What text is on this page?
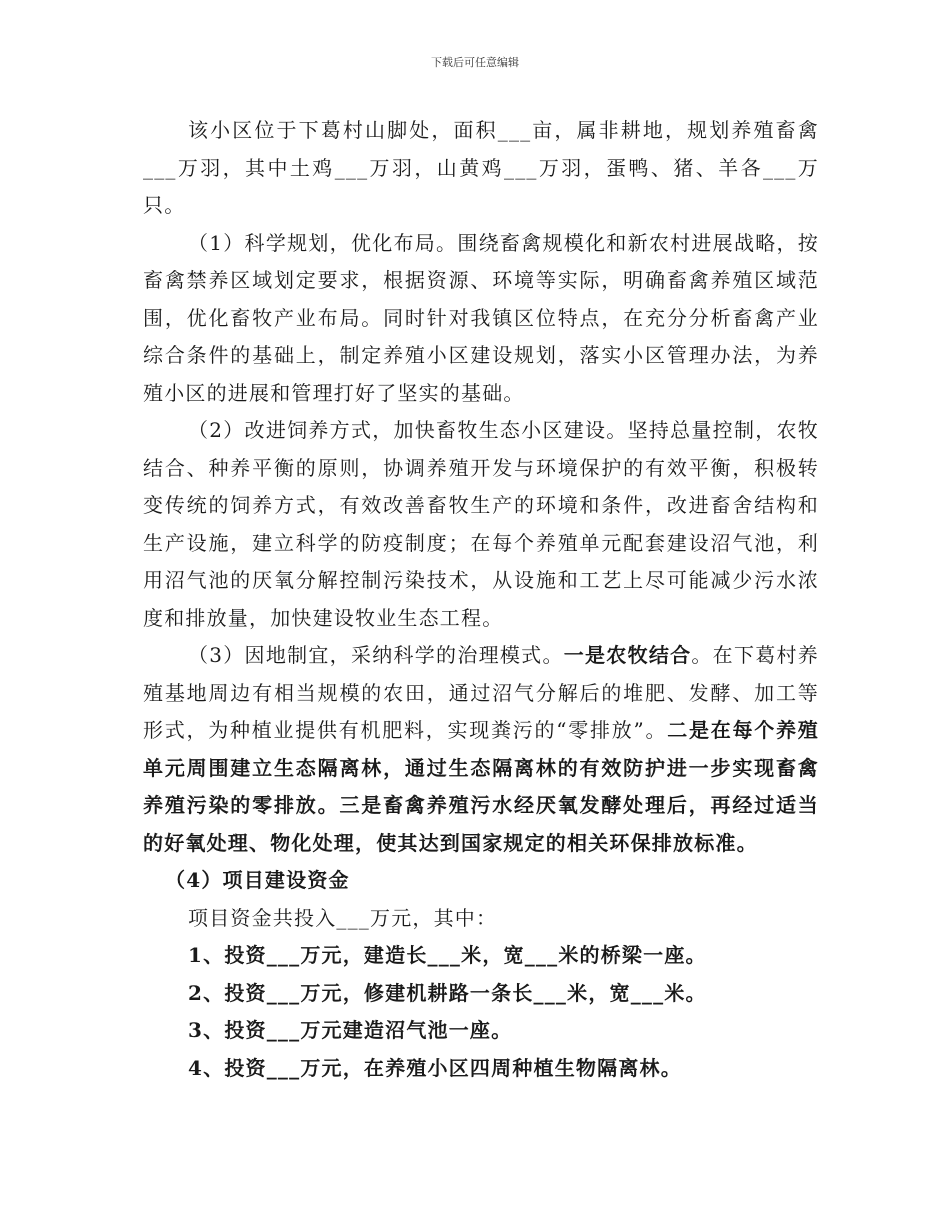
下载后可任意编辑

该小区位于下葛村山脚处，面积___亩，属非耕地，规划养殖畜禽___万羽，其中土鸡___万羽，山黄鸡___万羽，蛋鸭、猪、羊各___万只。

（1）科学规划，优化布局。围绕畜禽规模化和新农村进展战略，按畜禽禁养区域划定要求，根据资源、环境等实际，明确畜禽养殖区域范围，优化畜牧产业布局。同时针对我镇区位特点，在充分分析畜禽产业综合条件的基础上，制定养殖小区建设规划，落实小区管理办法，为养殖小区的进展和管理打好了坚实的基础。

（2）改进饲养方式，加快畜牧生态小区建设。坚持总量控制，农牧结合、种养平衡的原则，协调养殖开发与环境保护的有效平衡，积极转变传统的饲养方式，有效改善畜牧生产的环境和条件，改进畜舍结构和生产设施，建立科学的防疫制度；在每个养殖单元配套建设沼气池，利用沼气池的厌氧分解控制污染技术，从设施和工艺上尽可能减少污水浓度和排放量，加快建设牧业生态工程。

（3）因地制宜，采纳科学的治理模式。一是农牧结合。在下葛村养殖基地周边有相当规模的农田，通过沼气分解后的堆肥、发酵、加工等形式，为种植业提供有机肥料，实现粪污的“零排放”。二是在每个养殖单元周围建立生态隔离林，通过生态隔离林的有效防护进一步实现畜禽养殖污染的零排放。三是畜禽养殖污水经厌氧发酵处理后，再经过适当的好氧处理、物化处理，使其达到国家规定的相关环保排放标准。

（4）项目建设资金

项目资金共投入___万元，其中：

1、投资___万元，建造长___米，宽___米的桥梁一座。

2、投资___万元，修建机耕路一条长___米，宽___米。

3、投资___万元建造沼气池一座。

4、投资___万元，在养殖小区四周种植生物隔离林。
